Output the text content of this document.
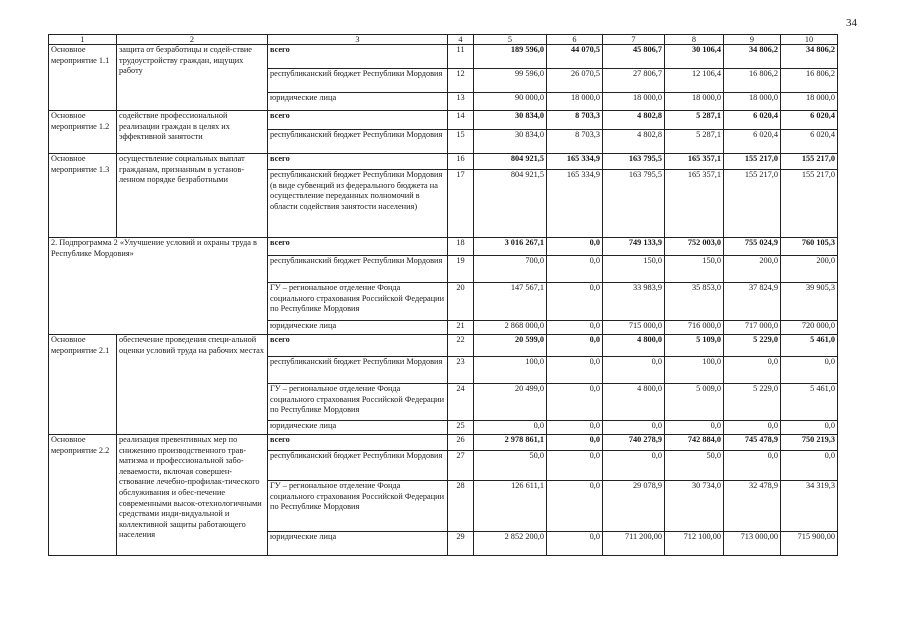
34
1	2	3	4	5	6	7	8	9	10
Основное мероприятие 1.1	защита от безработицы и содей-ствие трудоустройству граждан, ищущих работу	всего	11	189 596,0	44 070,5	45 806,7	30 106,4	34 806,2	34 806,2
		республиканский бюджет Республики Мордовия	12	99 596,0	26 070,5	27 806,7	12 106,4	16 806,2	16 806,2
		юридические лица	13	90 000,0	18 000,0	18 000,0	18 000,0	18 000,0	18 000,0
Основное мероприятие 1.2	содействие профессиональной реализации граждан в целях их эффективной занятости	всего	14	30 834,0	8 703,3	4 802,8	5 287,1	6 020,4	6 020,4
		республиканский бюджет Республики Мордовия	15	30 834,0	8 703,3	4 802,8	5 287,1	6 020,4	6 020,4
Основное мероприятие 1.3	осуществление социальных выплат гражданам, признанным в установ-ленном порядке безработными	всего	16	804 921,5	165 334,9	163 795,5	165 357,1	155 217,0	155 217,0
		республиканский бюджет Республики Мордовия (в виде субвенций из федерального бюджета на осуществление переданных полномочий в области содействия занятости населения)	17	804 921,5	165 334,9	163 795,5	165 357,1	155 217,0	155 217,0
2. Подпрограмма 2 «Улучшение условий и охраны труда в Республике Мордовия»		всего	18	3 016 267,1	0,0	749 133,9	752 003,0	755 024,9	760 105,3
		республиканский бюджет Республики Мордовия	19	700,0	0,0	150,0	150,0	200,0	200,0
		ГУ – региональное отделение Фонда социального страхования Российской Федерации по Республике Мордовия	20	147 567,1	0,0	33 983,9	35 853,0	37 824,9	39 905,3
		юридические лица	21	2 868 000,0	0,0	715 000,0	716 000,0	717 000,0	720 000,0
Основное мероприятие 2.1	обеспечение проведения специ-альной оценки условий труда на рабочих местах	всего	22	20 599,0	0,0	4 800,0	5 109,0	5 229,0	5 461,0
		республиканский бюджет Республики Мордовия	23	100,0	0,0	0,0	100,0	0,0	0,0
		ГУ – региональное отделение Фонда социального страхования Российской Федерации по Республике Мордовия	24	20 499,0	0,0	4 800,0	5 009,0	5 229,0	5 461,0
		юридические лица	25	0,0	0,0	0,0	0,0	0,0	0,0
Основное мероприятие 2.2	реализация превентивных мер по снижению производственного трав-матизма и профессиональной забо-леваемости, включая совершен-ствование лечебно-профилак-тического обслуживания и обес-печение современными высок-отехнологичными средствами инди-видуальной и коллективной защиты работающего населения	всего	26	2 978 861,1	0,0	740 278,9	742 884,0	745 478,9	750 219,3
		республиканский бюджет Республики Мордовия	27	50,0	0,0	0,0	50,0	0,0	0,0
		ГУ – региональное отделение Фонда социального страхования Российской Федерации по Республике Мордовия	28	126 611,1	0,0	29 078,9	30 734,0	32 478,9	34 319,3
		юридические лица	29	2 852 200,0	0,0	711 200,00	712 100,00	713 000,00	715 900,00
